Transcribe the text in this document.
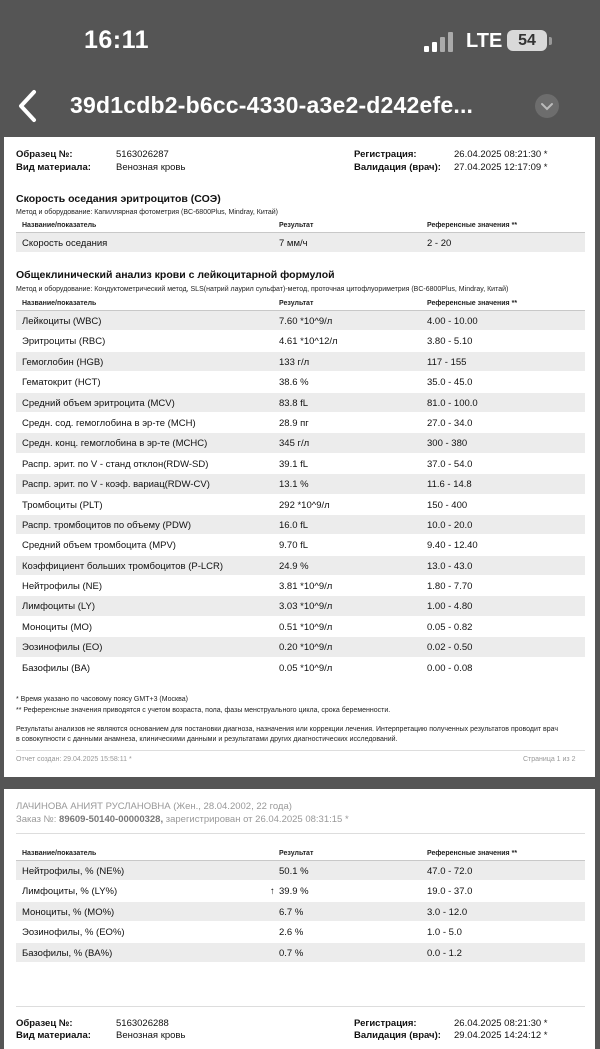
16:11	LTE 54
39d1cdb2-b6cc-4330-a3e2-d242efe...
Образец №:	5163026287
Вид материала:	Венозная кровь
Регистрация:	26.04.2025 08:21:30 *
Валидация (врач): 27.04.2025 12:17:09 *
Скорость оседания эритроцитов (СОЭ)
Метод и оборудование: Капиллярная фотометрия (BC-6800Plus, Mindray, Китай)
Название/показатель	Результат	Референсные значения **
Скорость оседания	7 мм/ч	2 - 20
Общеклинический анализ крови с лейкоцитарной формулой
Метод и оборудование: Кондуктометрический метод, SLS(натрий лаурил сульфат)-метод, проточная цитофлуориметрия (BC-6800Plus, Mindray, Китай)
Название/показатель	Результат	Референсные значения **
Лейкоциты (WBC)	7.60 *10^9/л	4.00 - 10.00
Эритроциты (RBC)	4.61 *10^12/л	3.80 - 5.10
Гемоглобин (HGB)	133 г/л	117 - 155
Гематокрит (HCT)	38.6 %	35.0 - 45.0
Средний объем эритроцита (MCV)	83.8 fL	81.0 - 100.0
Средн. сод. гемоглобина в эр-те (MCH)	28.9 пг	27.0 - 34.0
Средн. конц. гемоглобина в эр-те (MCHC)	345 г/л	300 - 380
Распр. эрит. по V - станд отклон(RDW-SD)	39.1 fL	37.0 - 54.0
Распр. эрит. по V - коэф. вариац(RDW-CV)	13.1 %	11.6 - 14.8
Тромбоциты (PLT)	292 *10^9/л	150 - 400
Распр. тромбоцитов по объему (PDW)	16.0 fL	10.0 - 20.0
Средний объем тромбоцита (MPV)	9.70 fL	9.40 - 12.40
Коэффициент больших тромбоцитов (P-LCR)	24.9 %	13.0 - 43.0
Нейтрофилы (NE)	3.81 *10^9/л	1.80 - 7.70
Лимфоциты (LY)	3.03 *10^9/л	1.00 - 4.80
Моноциты (MO)	0.51 *10^9/л	0.05 - 0.82
Эозинофилы (EO)	0.20 *10^9/л	0.02 - 0.50
Базофилы (BA)	0.05 *10^9/л	0.00 - 0.08
* Время указано по часовому поясу GMT+3 (Москва)
** Референсные значения приводятся с учетом возраста, пола, фазы менструального цикла, срока беременности.
Результаты анализов не являются основанием для постановки диагноза, назначения или коррекции лечения. Интерпретацию полученных результатов проводит врач
в совокупности с данными анамнеза, клиническими данными и результатами других диагностических исследований.
Отчет создан: 29.04.2025 15:58:11 *	Страница 1 из 2
ЛАЧИНОВА АНИЯТ РУСЛАНОВНА (Жен., 28.04.2002, 22 года)
Заказ №: 89609-50140-00000328, зарегистрирован от 26.04.2025 08:31:15 *
Название/показатель	Результат	Референсные значения **
Нейтрофилы, % (NE%)	50.1 %	47.0 - 72.0
Лимфоциты, % (LY%)	↑ 39.9 %	19.0 - 37.0
Моноциты, % (MO%)	6.7 %	3.0 - 12.0
Эозинофилы, % (EO%)	2.6 %	1.0 - 5.0
Базофилы, % (BA%)	0.7 %	0.0 - 1.2
Образец №:	5163026288
Вид материала:	Венозная кровь
Регистрация:	26.04.2025 08:21:30 *
Валидация (врач): 29.04.2025 14:24:12 *
